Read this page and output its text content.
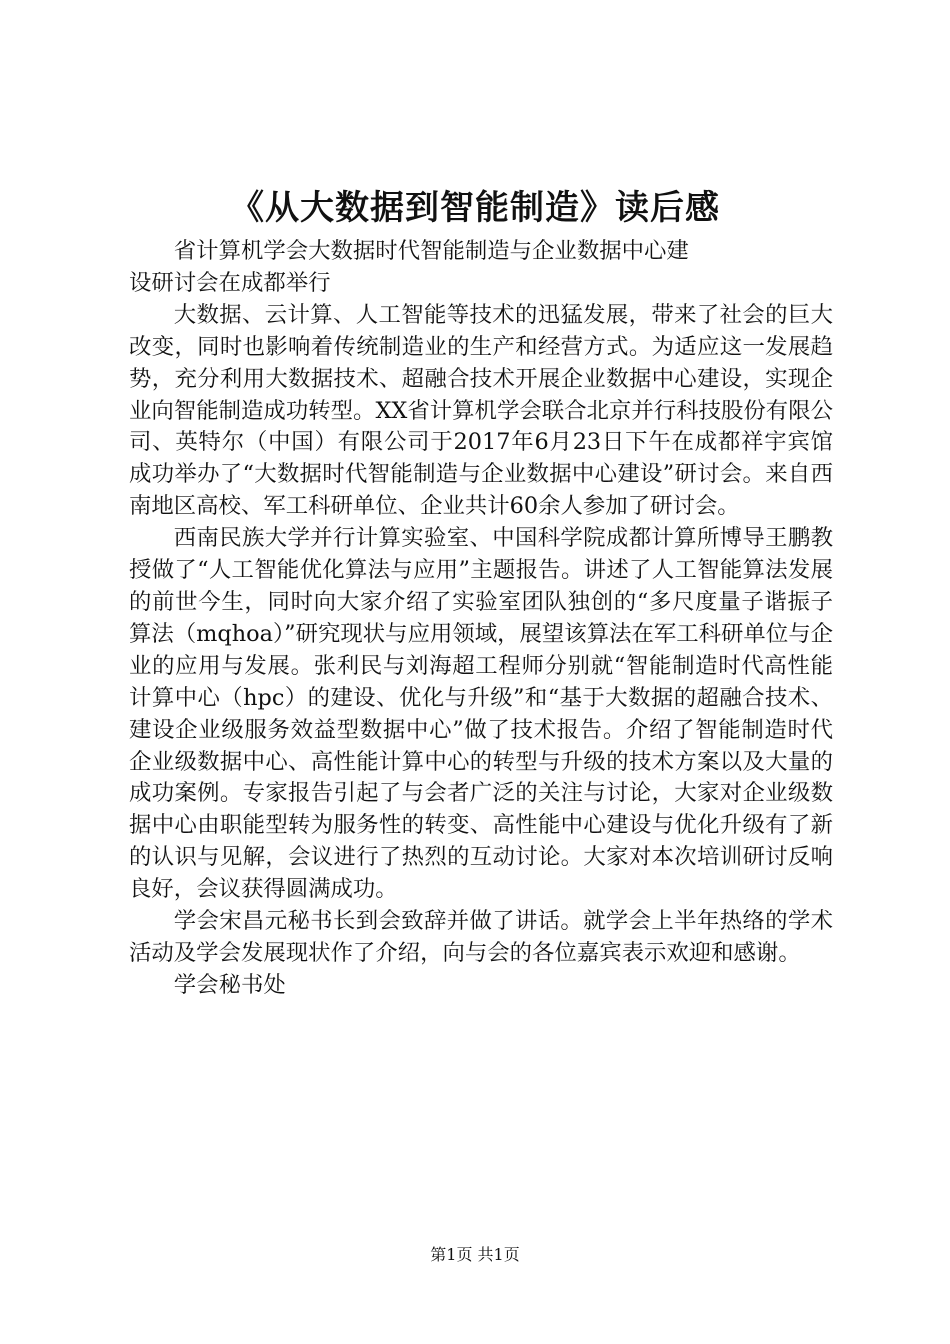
《从大数据到智能制造》读后感

省计算机学会大数据时代智能制造与企业数据中心建设研讨会在成都举行

大数据、云计算、人工智能等技术的迅猛发展，带来了社会的巨大改变，同时也影响着传统制造业的生产和经营方式。为适应这一发展趋势，充分利用大数据技术、超融合技术开展企业数据中心建设，实现企业向智能制造成功转型。XX省计算机学会联合北京并行科技股份有限公司、英特尔（中国）有限公司于2017年6月23日下午在成都祥宇宾馆成功举办了“大数据时代智能制造与企业数据中心建设”研讨会。来自西南地区高校、军工科研单位、企业共计60余人参加了研讨会。

西南民族大学并行计算实验室、中国科学院成都计算所博导王鹏教授做了“人工智能优化算法与应用”主题报告。讲述了人工智能算法发展的前世今生，同时向大家介绍了实验室团队独创的“多尺度量子谐振子算法（mqhoa）”研究现状与应用领域，展望该算法在军工科研单位与企业的应用与发展。张利民与刘海超工程师分别就“智能制造时代高性能计算中心（hpc）的建设、优化与升级”和“基于大数据的超融合技术、建设企业级服务效益型数据中心”做了技术报告。介绍了智能制造时代企业级数据中心、高性能计算中心的转型与升级的技术方案以及大量的成功案例。专家报告引起了与会者广泛的关注与讨论，大家对企业级数据中心由职能型转为服务性的转变、高性能中心建设与优化升级有了新的认识与见解，会议进行了热烈的互动讨论。大家对本次培训研讨反响良好，会议获得圆满成功。

学会宋昌元秘书长到会致辞并做了讲话。就学会上半年热络的学术活动及学会发展现状作了介绍，向与会的各位嘉宾表示欢迎和感谢。

学会秘书处

第1页 共1页
